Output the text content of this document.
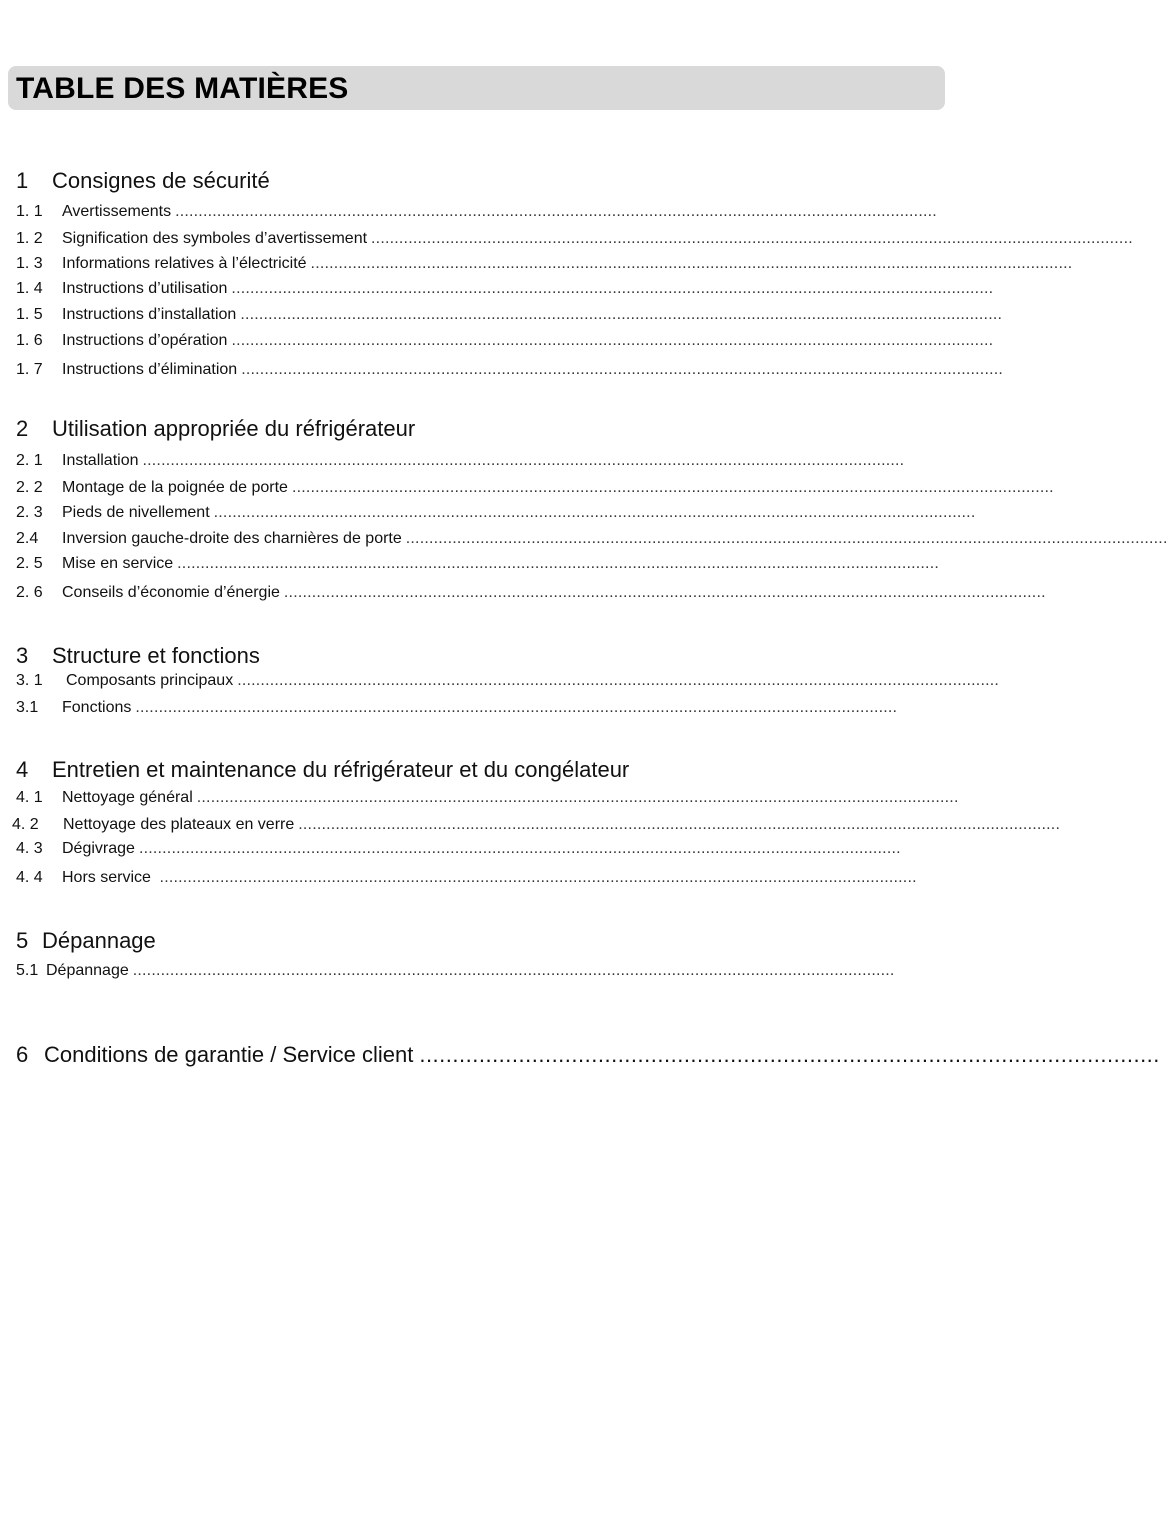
TABLE DES MATIÈRES
1 Consignes de sécurité
1. 1	Avertissements ....................................................................................................................................................................
1. 2	Signification des symboles d’avertissement ....................................................................................................................................................................
1. 3	Informations relatives à l’électricité ....................................................................................................................................................................
1. 4	Instructions d’utilisation ....................................................................................................................................................................
1. 5	Instructions d’installation ....................................................................................................................................................................
1. 6	Instructions d’opération ....................................................................................................................................................................
1. 7	Instructions d’élimination ....................................................................................................................................................................
2 Utilisation appropriée du réfrigérateur
2. 1	Installation ....................................................................................................................................................................
2. 2	Montage de la poignée de porte ....................................................................................................................................................................
2. 3	Pieds de nivellement ....................................................................................................................................................................
2.4	Inversion gauche-droite des charnières de porte ....................................................................................................................................................................
2. 5	Mise en service ....................................................................................................................................................................
2. 6	Conseils d’économie d’énergie ....................................................................................................................................................................
3 Structure et fonctions
3. 1	Composants principaux ....................................................................................................................................................................
3.1	Fonctions ....................................................................................................................................................................
4 Entretien et maintenance du réfrigérateur et du congélateur
4. 1	Nettoyage général ....................................................................................................................................................................
4. 2	Nettoyage des plateaux en verre ....................................................................................................................................................................
4. 3	Dégivrage ....................................................................................................................................................................
4. 4	Hors service ...................................................................................................................................................................
5 Dépannage
5.1 Dépannage ....................................................................................................................................................................
6 Conditions de garantie / Service client ................................................................................................................
